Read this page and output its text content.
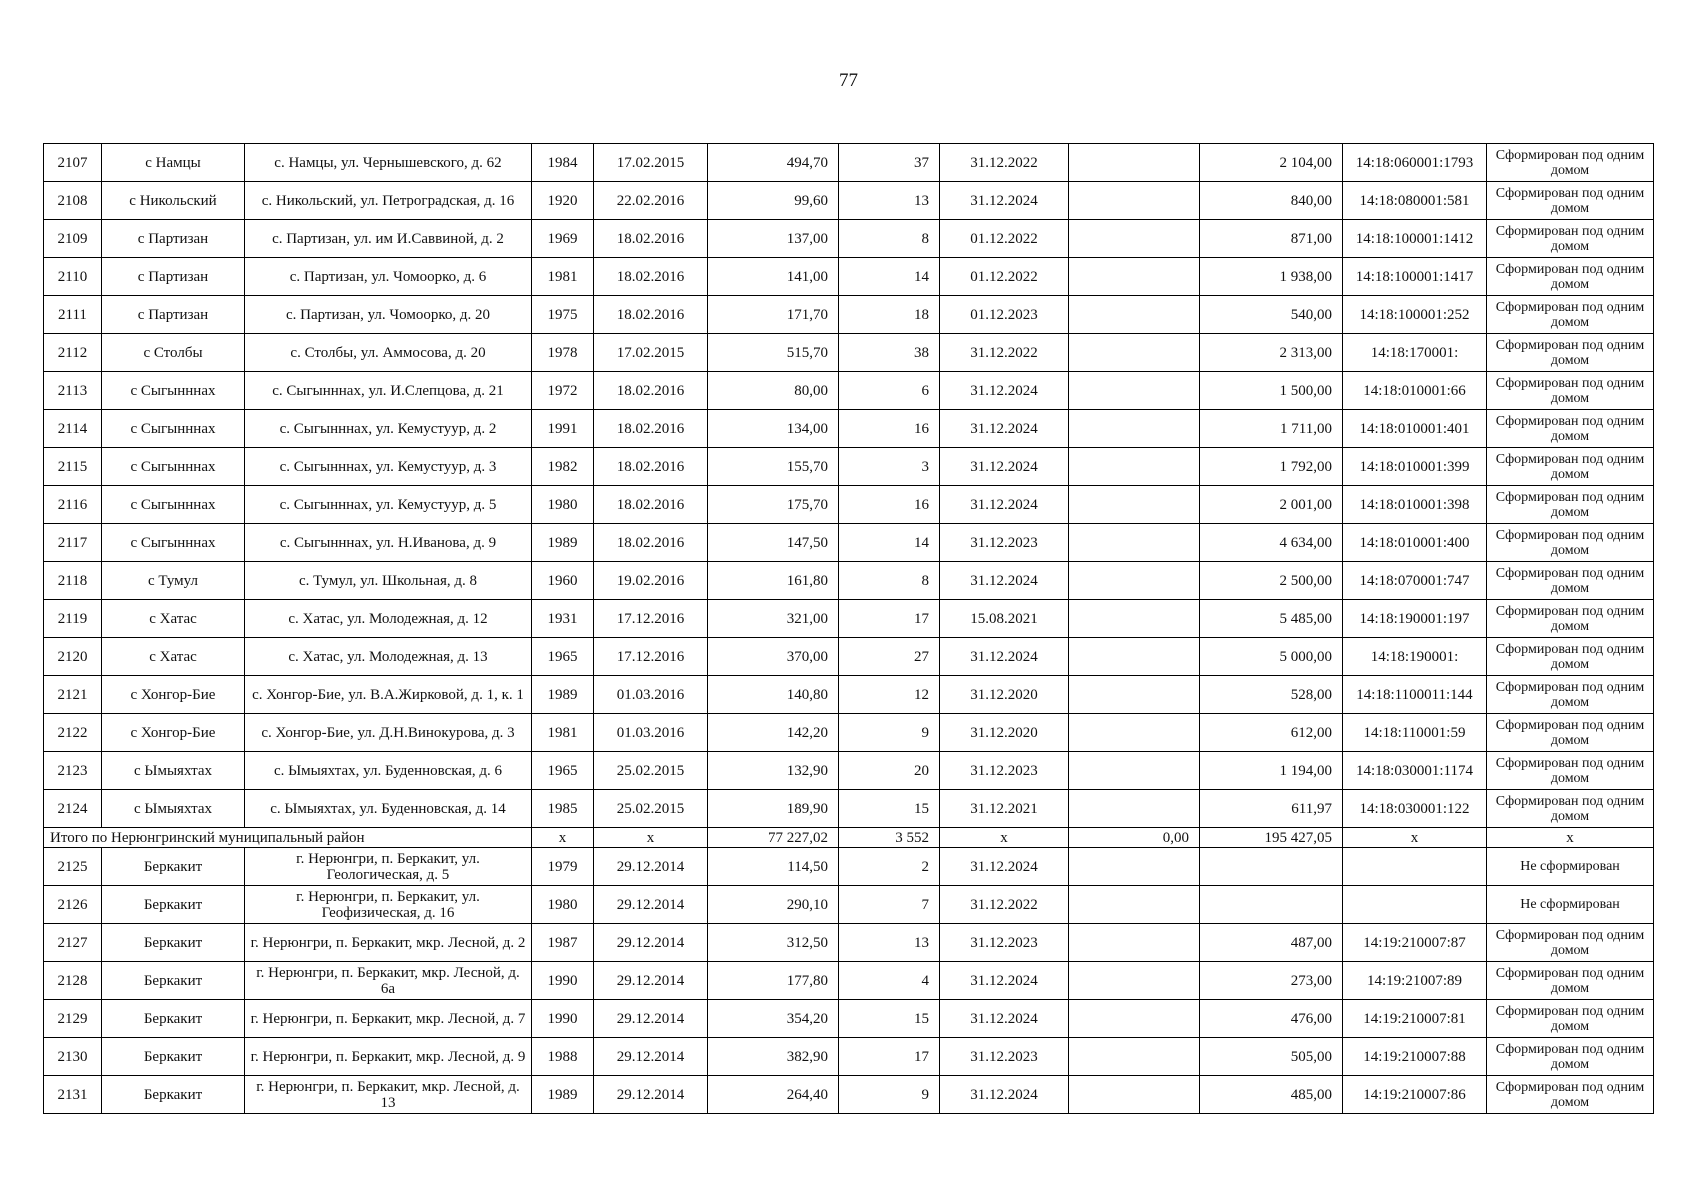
77
2107	с Намцы	с. Намцы, ул. Чернышевского, д. 62	1984	17.02.2015	494,70	37	31.12.2022		2 104,00	14:18:060001:1793	Сформирован под одним домом
2108	с Никольский	с. Никольский, ул. Петроградская, д. 16	1920	22.02.2016	99,60	13	31.12.2024		840,00	14:18:080001:581	Сформирован под одним домом
2109	с Партизан	с. Партизан, ул. им И.Саввиной, д. 2	1969	18.02.2016	137,00	8	01.12.2022		871,00	14:18:100001:1412	Сформирован под одним домом
2110	с Партизан	с. Партизан, ул. Чомоорко, д. 6	1981	18.02.2016	141,00	14	01.12.2022		1 938,00	14:18:100001:1417	Сформирован под одним домом
2111	с Партизан	с. Партизан, ул. Чомоорко, д. 20	1975	18.02.2016	171,70	18	01.12.2023		540,00	14:18:100001:252	Сформирован под одним домом
2112	с Столбы	с. Столбы, ул. Аммосова, д. 20	1978	17.02.2015	515,70	38	31.12.2022		2 313,00	14:18:170001:	Сформирован под одним домом
2113	с Сыгынннах	с. Сыгынннах, ул. И.Слепцова, д. 21	1972	18.02.2016	80,00	6	31.12.2024		1 500,00	14:18:010001:66	Сформирован под одним домом
2114	с Сыгынннах	с. Сыгынннах, ул. Кемустуур, д. 2	1991	18.02.2016	134,00	16	31.12.2024		1 711,00	14:18:010001:401	Сформирован под одним домом
2115	с Сыгынннах	с. Сыгынннах, ул. Кемустуур, д. 3	1982	18.02.2016	155,70	3	31.12.2024		1 792,00	14:18:010001:399	Сформирован под одним домом
2116	с Сыгынннах	с. Сыгынннах, ул. Кемустуур, д. 5	1980	18.02.2016	175,70	16	31.12.2024		2 001,00	14:18:010001:398	Сформирован под одним домом
2117	с Сыгынннах	с. Сыгынннах, ул. Н.Иванова, д. 9	1989	18.02.2016	147,50	14	31.12.2023		4 634,00	14:18:010001:400	Сформирован под одним домом
2118	с Тумул	с. Тумул, ул. Школьная, д. 8	1960	19.02.2016	161,80	8	31.12.2024		2 500,00	14:18:070001:747	Сформирован под одним домом
2119	с Хатас	с. Хатас, ул. Молодежная, д. 12	1931	17.12.2016	321,00	17	15.08.2021		5 485,00	14:18:190001:197	Сформирован под одним домом
2120	с Хатас	с. Хатас, ул. Молодежная, д. 13	1965	17.12.2016	370,00	27	31.12.2024		5 000,00	14:18:190001:	Сформирован под одним домом
2121	с Хонгор-Бие	с. Хонгор-Бие, ул. В.А.Жирковой, д. 1, к. 1	1989	01.03.2016	140,80	12	31.12.2020		528,00	14:18:1100011:144	Сформирован под одним домом
2122	с Хонгор-Бие	с. Хонгор-Бие, ул. Д.Н.Винокурова, д. 3	1981	01.03.2016	142,20	9	31.12.2020		612,00	14:18:110001:59	Сформирован под одним домом
2123	с Ымыяхтах	с. Ымыяхтах, ул. Буденновская, д. 6	1965	25.02.2015	132,90	20	31.12.2023		1 194,00	14:18:030001:1174	Сформирован под одним домом
2124	с Ымыяхтах	с. Ымыяхтах, ул. Буденновская, д. 14	1985	25.02.2015	189,90	15	31.12.2021		611,97	14:18:030001:122	Сформирован под одним домом
Итого по Нерюнгринский муниципальный район			x	x	77 227,02	3 552	x	0,00	195 427,05	x	x
2125	Беркакит	г. Нерюнгри, п. Беркакит, ул. Геологическая, д. 5	1979	29.12.2014	114,50	2	31.12.2024				Не сформирован
2126	Беркакит	г. Нерюнгри, п. Беркакит, ул. Геофизическая, д. 16	1980	29.12.2014	290,10	7	31.12.2022				Не сформирован
2127	Беркакит	г. Нерюнгри, п. Беркакит, мкр. Лесной, д. 2	1987	29.12.2014	312,50	13	31.12.2023		487,00	14:19:210007:87	Сформирован под одним домом
2128	Беркакит	г. Нерюнгри, п. Беркакит, мкр. Лесной, д. 6а	1990	29.12.2014	177,80	4	31.12.2024		273,00	14:19:21007:89	Сформирован под одним домом
2129	Беркакит	г. Нерюнгри, п. Беркакит, мкр. Лесной, д. 7	1990	29.12.2014	354,20	15	31.12.2024		476,00	14:19:210007:81	Сформирован под одним домом
2130	Беркакит	г. Нерюнгри, п. Беркакит, мкр. Лесной, д. 9	1988	29.12.2014	382,90	17	31.12.2023		505,00	14:19:210007:88	Сформирован под одним домом
2131	Беркакит	г. Нерюнгри, п. Беркакит, мкр. Лесной, д. 13	1989	29.12.2014	264,40	9	31.12.2024		485,00	14:19:210007:86	Сформирован под одним домом
